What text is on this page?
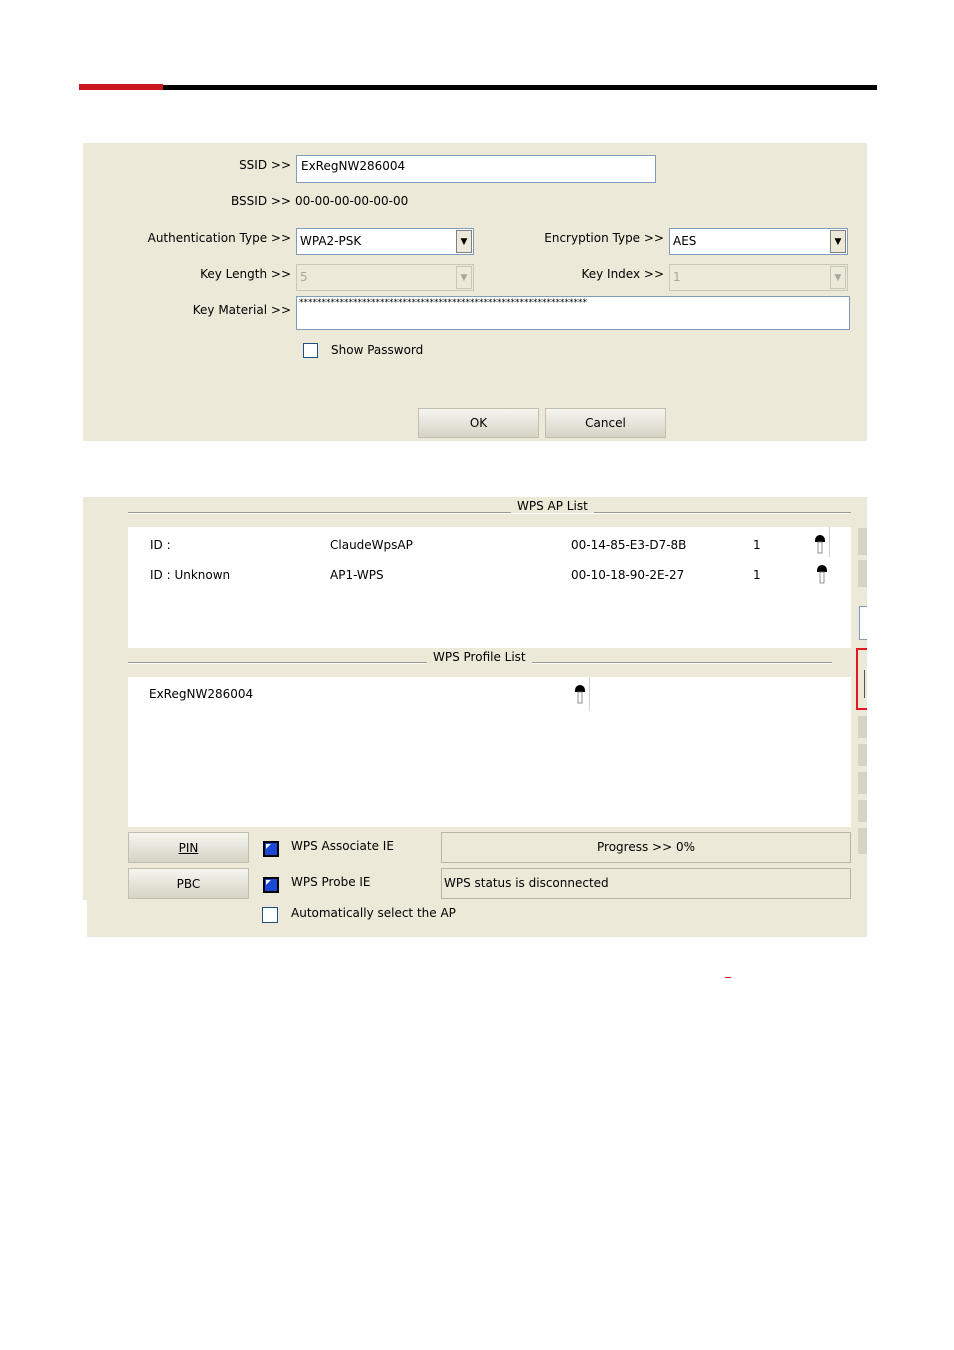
SSID >> ExRegNW286004
BSSID >> 00-00-00-00-00-00
Authentication Type >> WPA2-PSK	▼	Encryption Type >> AES	▼
Key Length >> 5	▼	Key Index >> 1	▼
Key Material >> ****************************************************************
Show Password
OK	Cancel
WPS AP List
ID :	ClaudeWpsAP	00-14-85-E3-D7-8B	1
ID : Unknown	AP1-WPS	00-10-18-90-2E-27	1
WPS Profile List
ExRegNW286004
PIN
PBC
WPS Associate IE
WPS Probe IE
Automatically select the AP
Progress >> 0%
WPS status is disconnected
